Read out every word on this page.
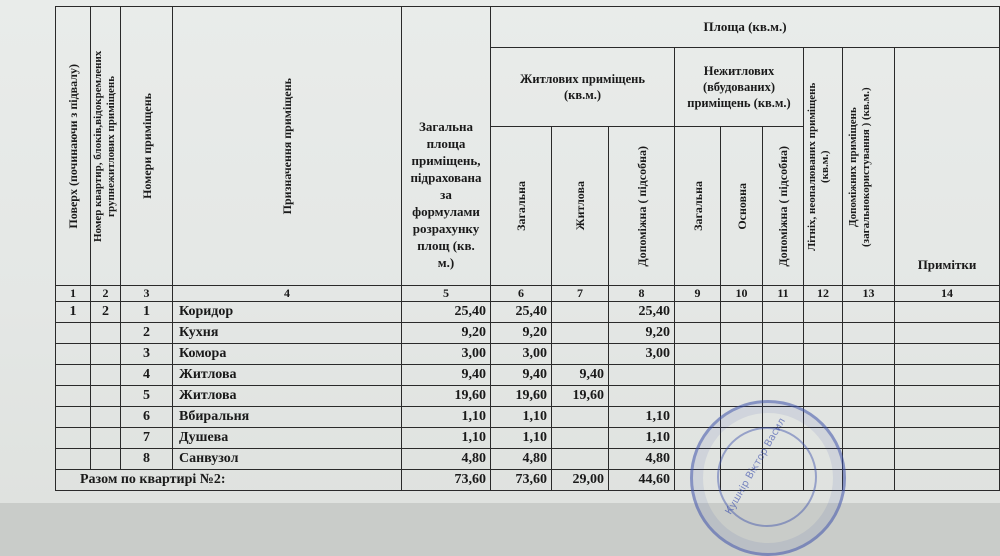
Поверх (починаючи з підвалу)	Номер квартир, блоків,відокремлених групнежитлових приміщень	Номери приміщень	Призначення приміщень	Загальна площа приміщень, підрахована за формулами розрахунку площ (кв. м.)	Площа (кв.м.)								

					Житлових приміщень (кв.м.)			Нежитлових (вбудованих) приміщень (кв.м.)			Літніх, неопалюваних приміщень (кв.м.)	Допоміжних приміщень (загальнокористування ) (кв.м.)	Примітки

					Загальна	Житлова	Допоміжна ( підсобна)	Загальна	Основна	Допоміжна ( підсобна)			

1	2	3	4	5	6	7	8	9	10	11	12	13	14
1	2	1	Коридор	25,40	25,40		25,40						
		2	Кухня	9,20	9,20		9,20						
		3	Комора	3,00	3,00		3,00						
		4	Житлова	9,40	9,40	9,40							
		5	Житлова	19,60	19,60	19,60							
		6	Вбиральня	1,10	1,10		1,10						
		7	Душева	1,10	1,10		1,10						
		8	Санвузол	4,80	4,80		4,80						
Разом по квартирі №2:				73,60	73,60	29,00	44,60							Кушнір Віктор Васил
